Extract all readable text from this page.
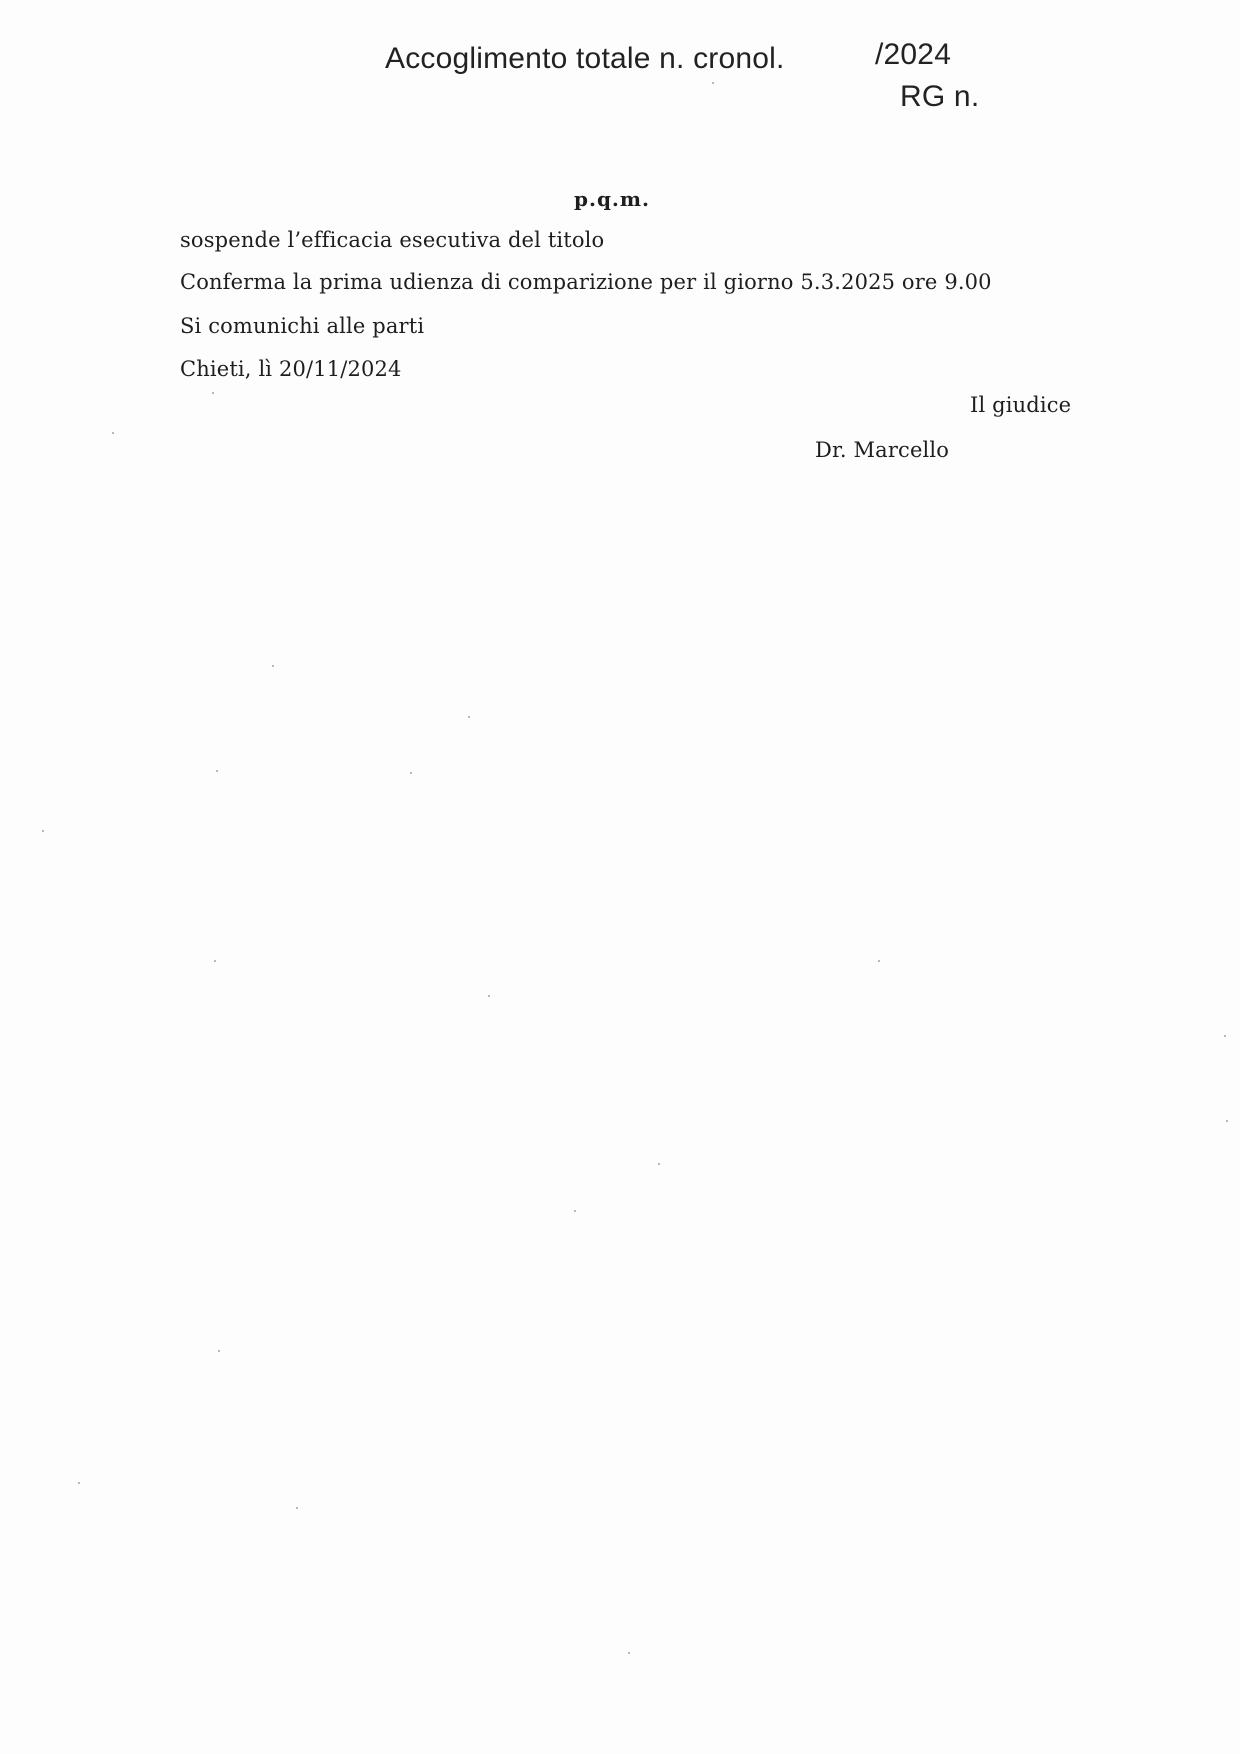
Accoglimento totale n. cronol.	/2024
RG n.
p.q.m.
sospende l’efficacia esecutiva del titolo
Conferma la prima udienza di comparizione per il giorno 5.3.2025 ore 9.00
Si comunichi alle parti
Chieti, lì 20/11/2024
Il giudice
Dr. Marcello
